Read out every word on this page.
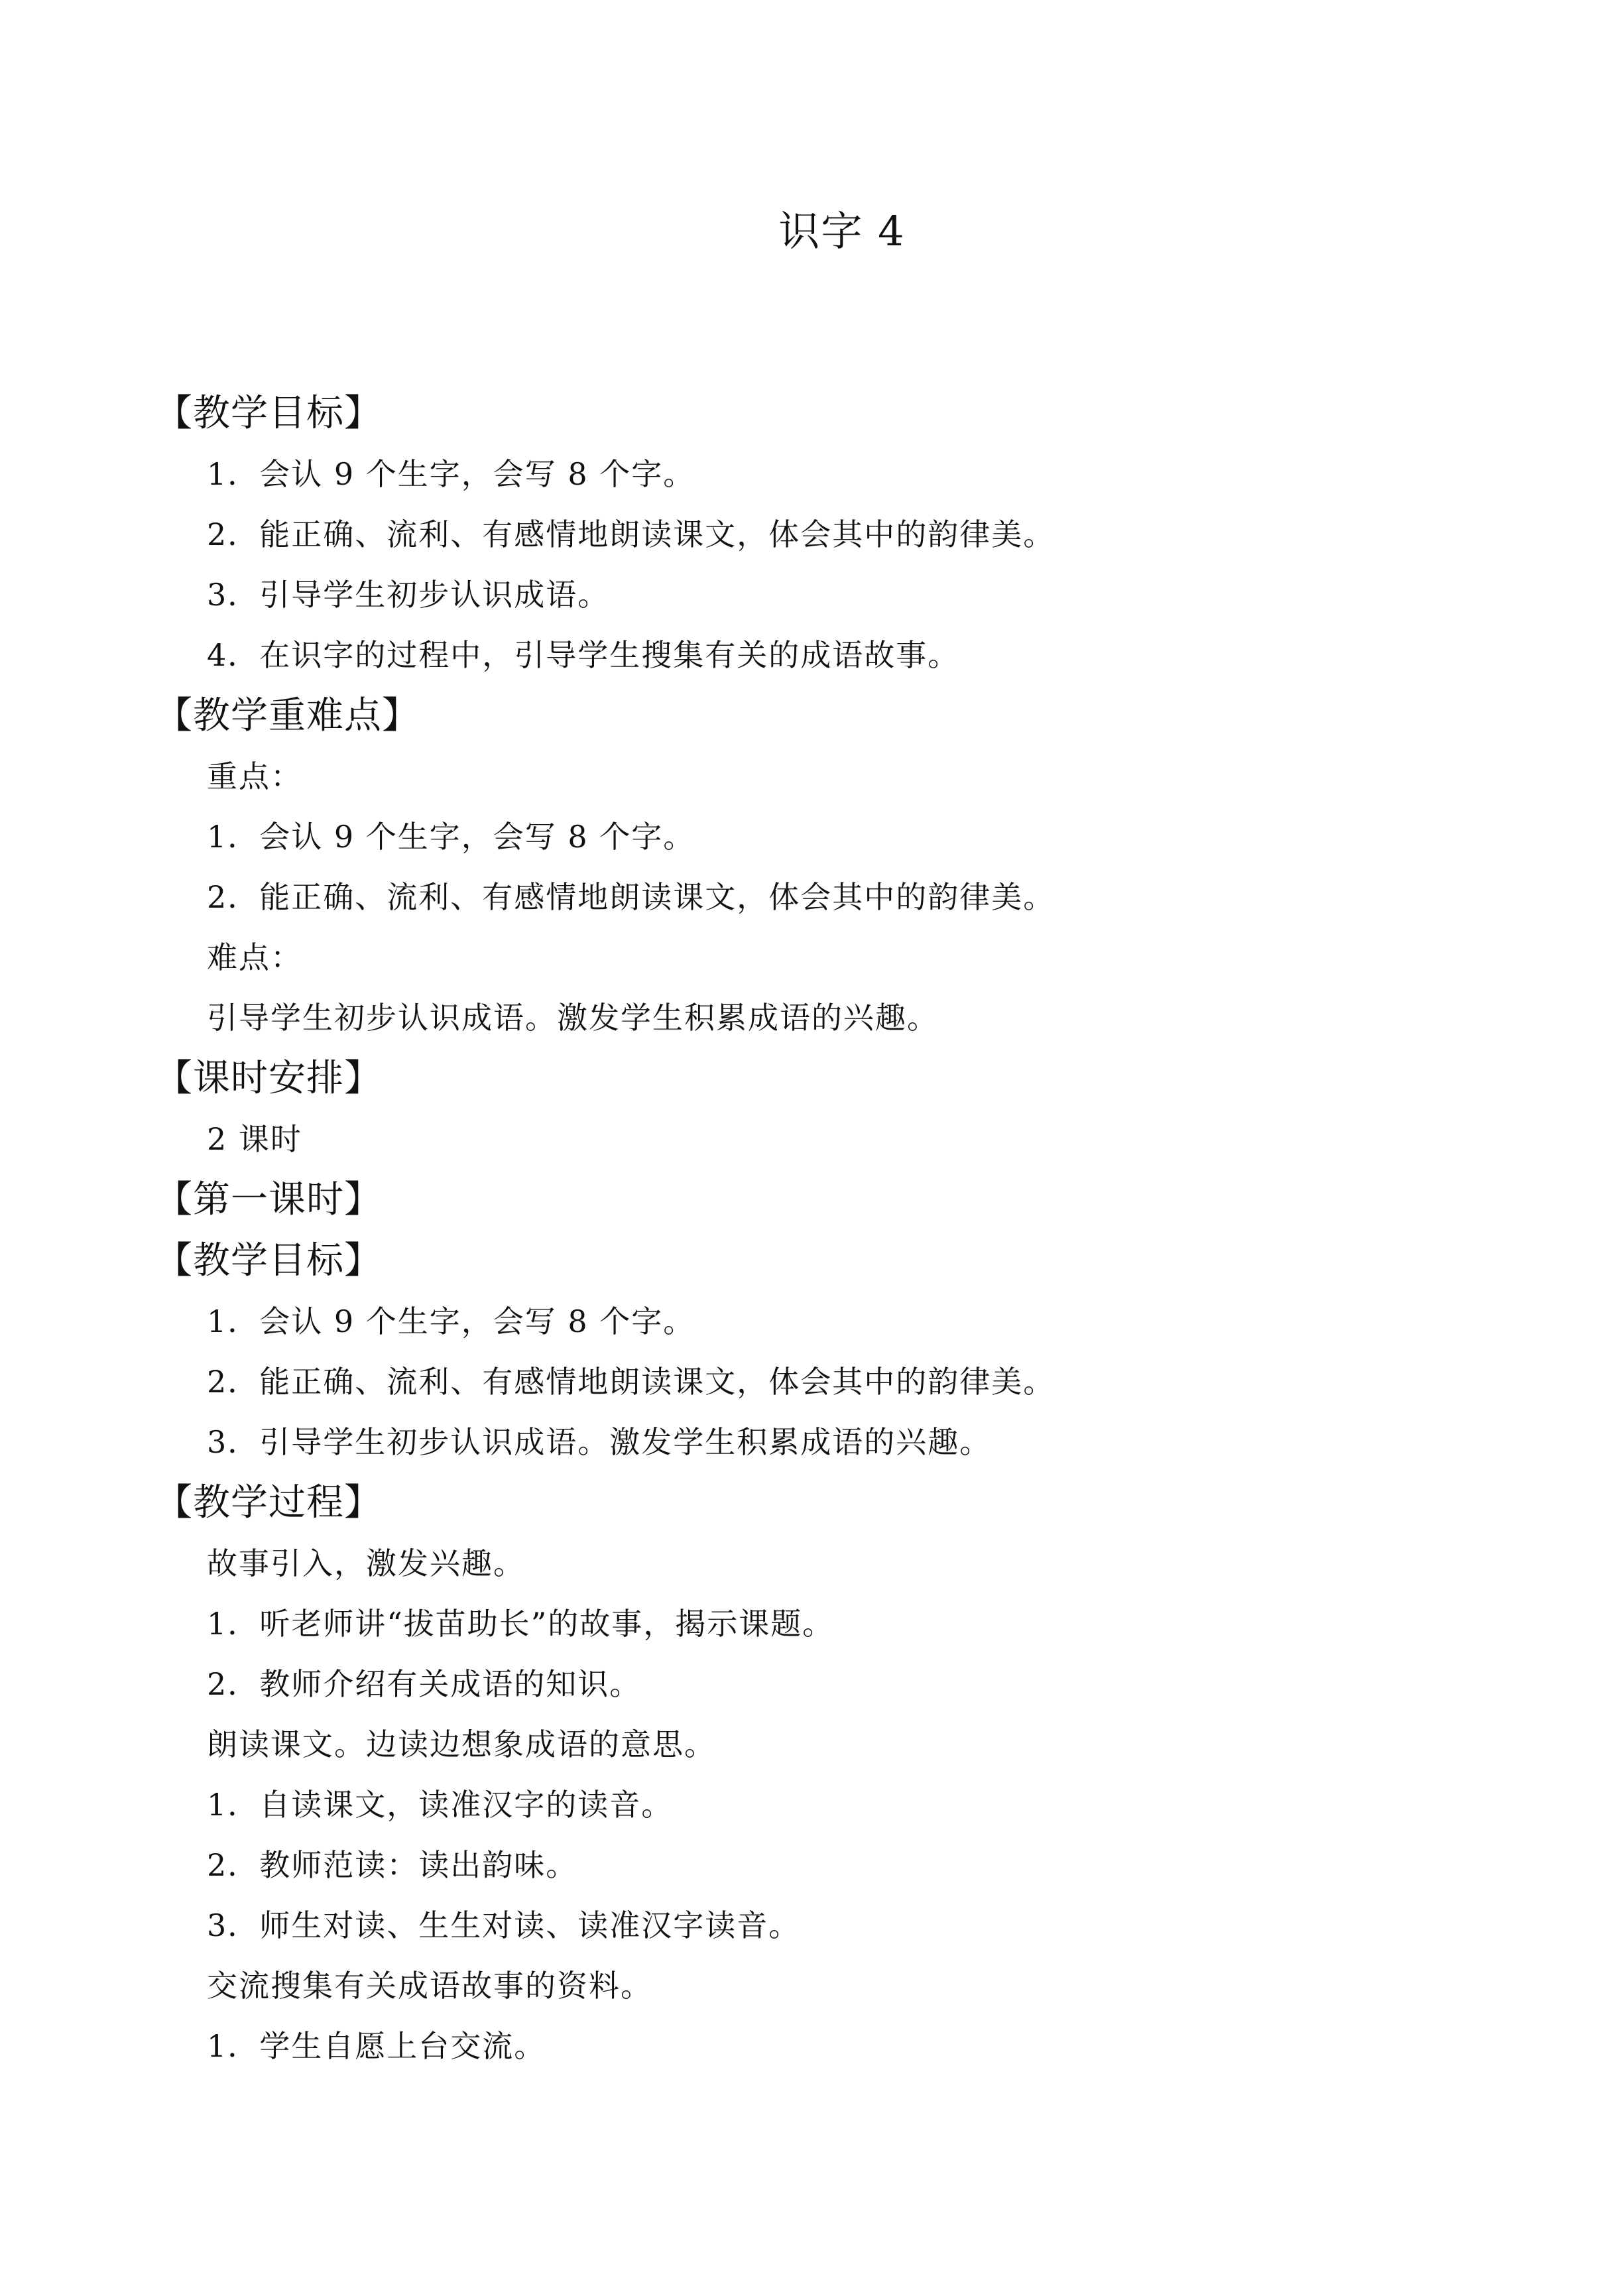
识字 4
【教学目标】
1．会认 9 个生字，会写 8 个字。
2．能正确、流利、有感情地朗读课文，体会其中的韵律美。
3．引导学生初步认识成语。
4．在识字的过程中，引导学生搜集有关的成语故事。
【教学重难点】
重点：
1．会认 9 个生字，会写 8 个字。
2．能正确、流利、有感情地朗读课文，体会其中的韵律美。
难点：
引导学生初步认识成语。激发学生积累成语的兴趣。
【课时安排】
2 课时
【第一课时】
【教学目标】
1．会认 9 个生字，会写 8 个字。
2．能正确、流利、有感情地朗读课文，体会其中的韵律美。
3．引导学生初步认识成语。激发学生积累成语的兴趣。
【教学过程】
故事引入，激发兴趣。
1．听老师讲“拔苗助长”的故事，揭示课题。
2．教师介绍有关成语的知识。
朗读课文。边读边想象成语的意思。
1．自读课文，读准汉字的读音。
2．教师范读：读出韵味。
3．师生对读、生生对读、读准汉字读音。
交流搜集有关成语故事的资料。
1．学生自愿上台交流。
